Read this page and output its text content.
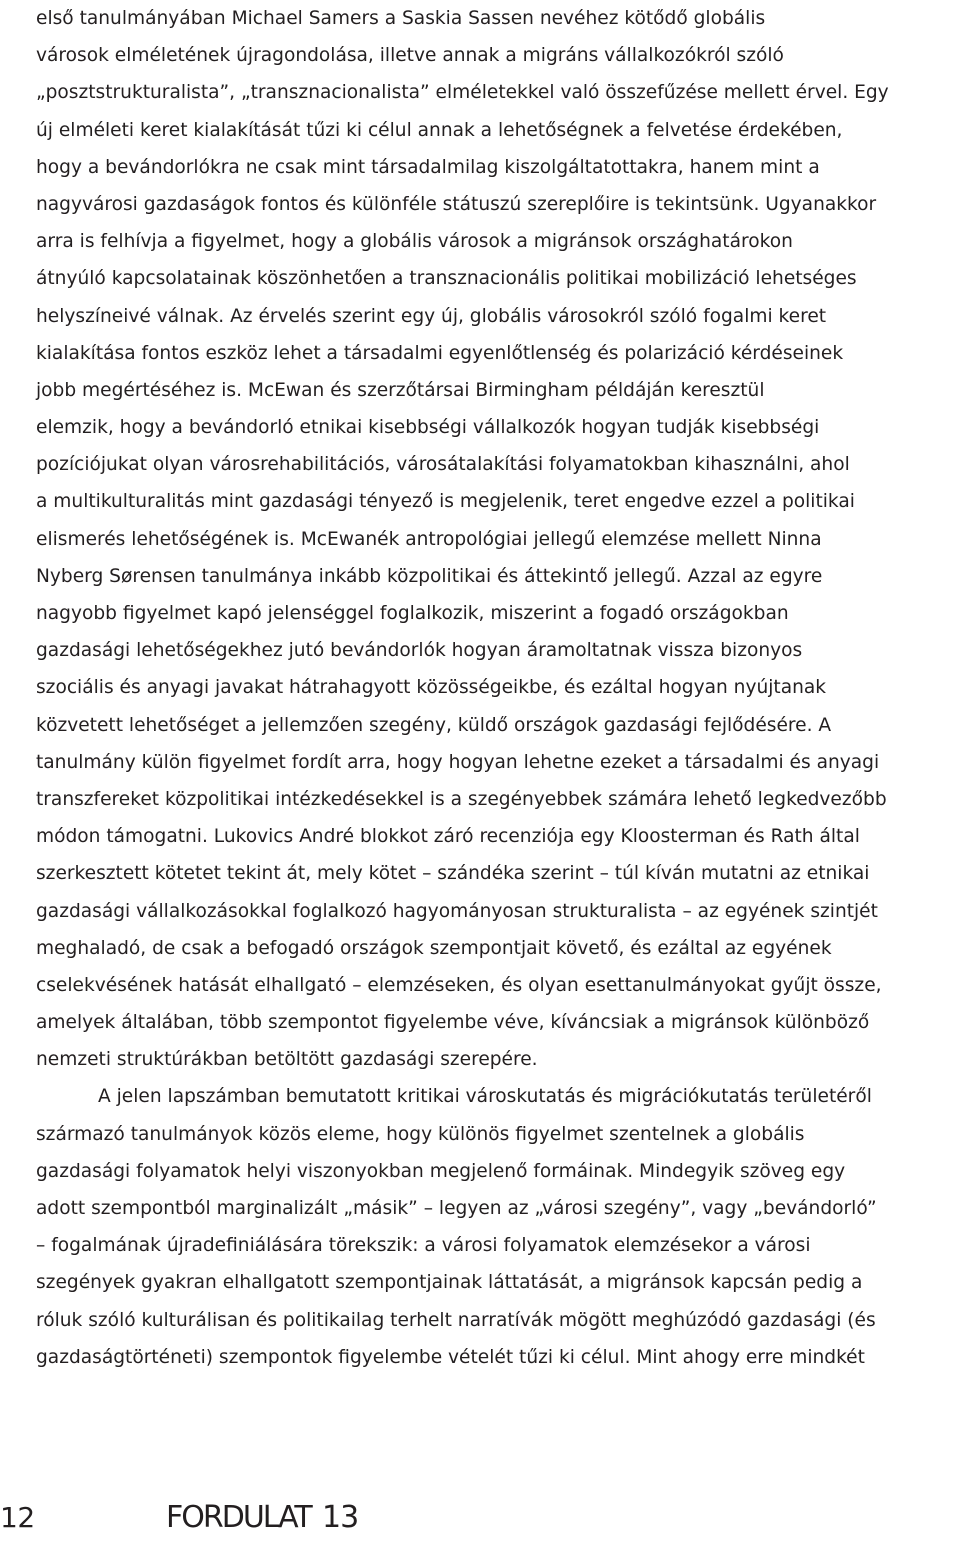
első tanulmányában Michael Samers a Saskia Sassen nevéhez kötődő globális
városok elméletének újragondolása, illetve annak a migráns vállalkozókról szóló
„posztstrukturalista”, „transznacionalista” elméletekkel való összefűzése mellett érvel. Egy
új elméleti keret kialakítását tűzi ki célul annak a lehetőségnek a felvetése érdekében,
hogy a bevándorlókra ne csak mint társadalmilag kiszolgáltatottakra, hanem mint a
nagyvárosi gazdaságok fontos és különféle státuszú szereplőire is tekintsünk. Ugyanakkor
arra is felhívja a figyelmet, hogy a globális városok a migránsok országhatárokon
átnyúló kapcsolatainak köszönhetően a transznacionális politikai mobilizáció lehetséges
helyszíneivé válnak. Az érvelés szerint egy új, globális városokról szóló fogalmi keret
kialakítása fontos eszköz lehet a társadalmi egyenlőtlenség és polarizáció kérdéseinek
jobb megértéséhez is. McEwan és szerzőtársai Birmingham példáján keresztül
elemzik, hogy a bevándorló etnikai kisebbségi vállalkozók hogyan tudják kisebbségi
pozíciójukat olyan városrehabilitációs, városátalakítási folyamatokban kihasználni, ahol
a multikulturalitás mint gazdasági tényező is megjelenik, teret engedve ezzel a politikai
elismerés lehetőségének is. McEwanék antropológiai jellegű elemzése mellett Ninna
Nyberg Sørensen tanulmánya inkább közpolitikai és áttekintő jellegű. Azzal az egyre
nagyobb figyelmet kapó jelenséggel foglalkozik, miszerint a fogadó országokban
gazdasági lehetőségekhez jutó bevándorlók hogyan áramoltatnak vissza bizonyos
szociális és anyagi javakat hátrahagyott közösségeikbe, és ezáltal hogyan nyújtanak
közvetett lehetőséget a jellemzően szegény, küldő országok gazdasági fejlődésére. A
tanulmány külön figyelmet fordít arra, hogy hogyan lehetne ezeket a társadalmi és anyagi
transzfereket közpolitikai intézkedésekkel is a szegényebbek számára lehető legkedvezőbb
módon támogatni. Lukovics André blokkot záró recenziója egy Kloosterman és Rath által
szerkesztett kötetet tekint át, mely kötet – szándéka szerint – túl kíván mutatni az etnikai
gazdasági vállalkozásokkal foglalkozó hagyományosan strukturalista – az egyének szintjét
meghaladó, de csak a befogadó országok szempontjait követő, és ezáltal az egyének
cselekvésének hatását elhallgató – elemzéseken, és olyan esettanulmányokat gyűjt össze,
amelyek általában, több szempontot figyelembe véve, kíváncsiak a migránsok különböző
nemzeti struktúrákban betöltött gazdasági szerepére.
A jelen lapszámban bemutatott kritikai városkutatás és migrációkutatás területéről
származó tanulmányok közös eleme, hogy különös figyelmet szentelnek a globális
gazdasági folyamatok helyi viszonyokban megjelenő formáinak. Mindegyik szöveg egy
adott szempontból marginalizált „másik” – legyen az „városi szegény”, vagy „bevándorló”
– fogalmának újradefiniálására törekszik: a városi folyamatok elemzésekor a városi
szegények gyakran elhallgatott szempontjainak láttatását, a migránsok kapcsán pedig a
róluk szóló kulturálisan és politikailag terhelt narratívák mögött meghúzódó gazdasági (és
gazdaságtörténeti) szempontok figyelembe vételét tűzi ki célul. Mint ahogy erre mindkét
12	FORDULAT 13
